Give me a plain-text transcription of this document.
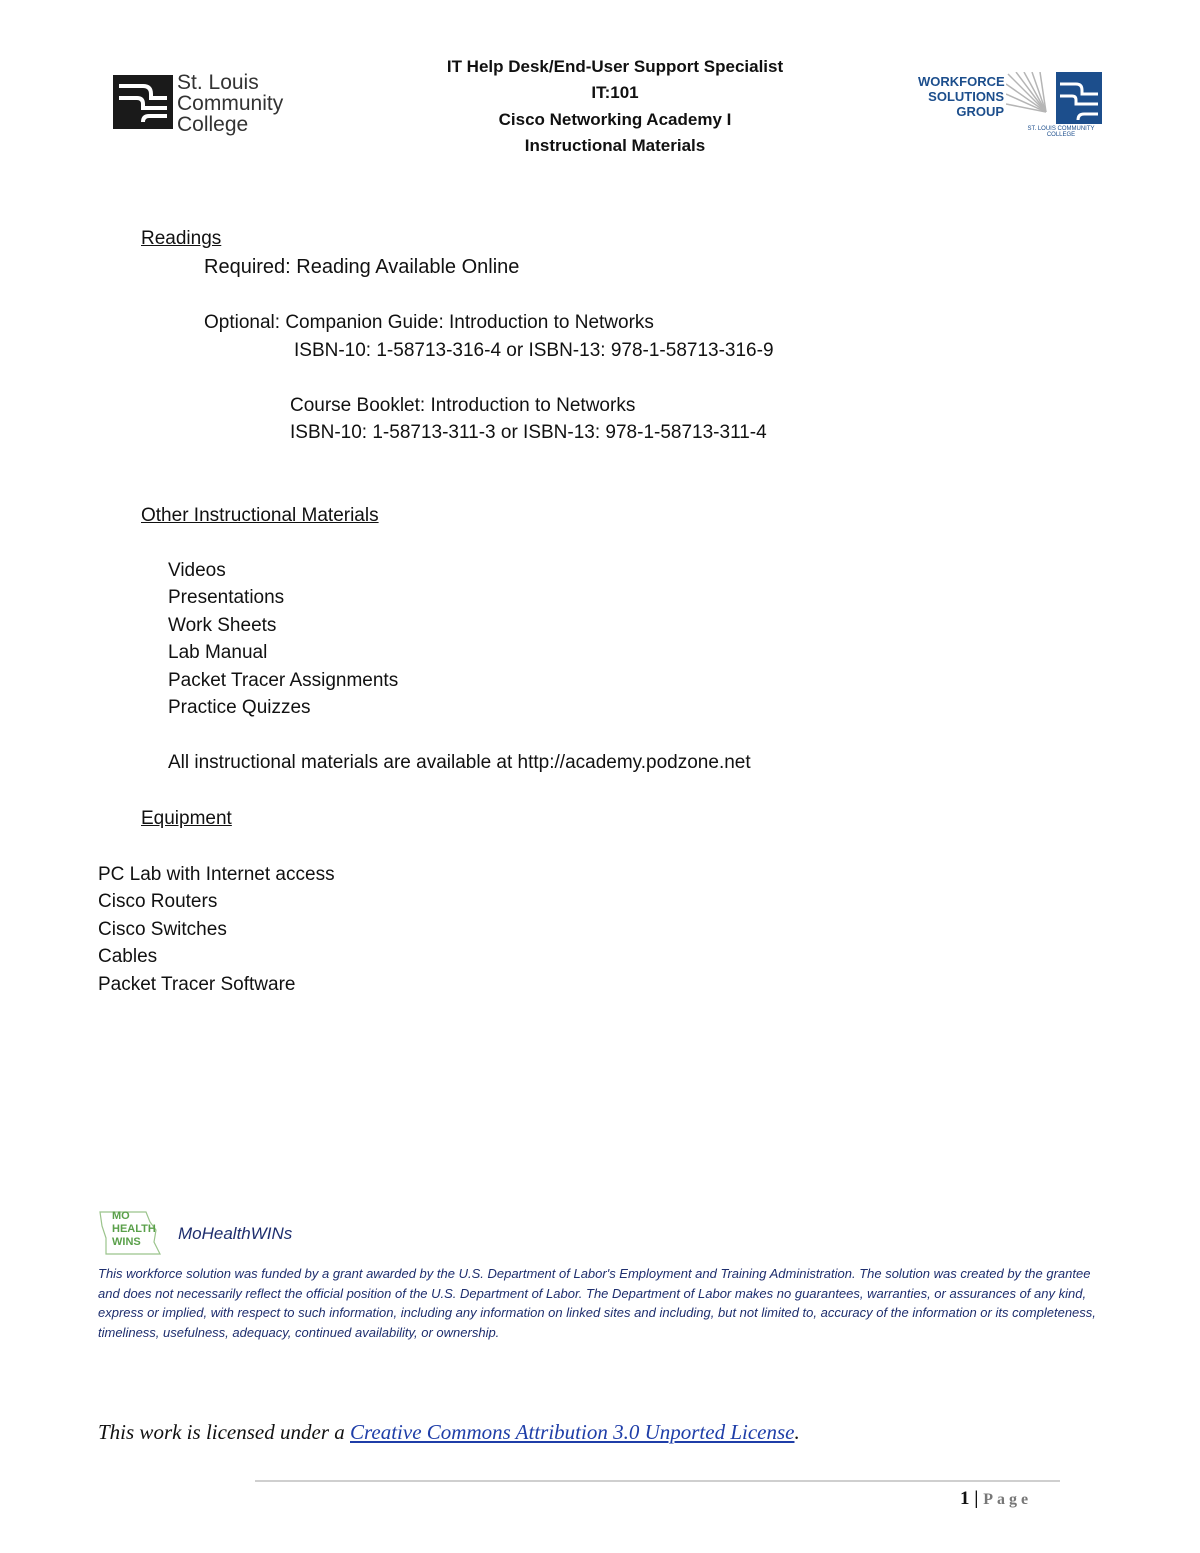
St. Louis
Community
College
IT Help Desk/End-User Support Specialist
IT:101
Cisco Networking Academy I
Instructional Materials
WORKFORCE
SOLUTIONS
GROUP
ST. LOUIS COMMUNITY COLLEGE
Readings
Required: Reading Available Online
Optional: Companion Guide: Introduction to Networks
ISBN-10: 1-58713-316-4 or ISBN-13: 978-1-58713-316-9
Course Booklet: Introduction to Networks
ISBN-10: 1-58713-311-3 or ISBN-13: 978-1-58713-311-4
Other Instructional Materials
Videos
Presentations
Work Sheets
Lab Manual
Packet Tracer Assignments
Practice Quizzes
All instructional materials are available at http://academy.podzone.net
Equipment
PC Lab with Internet access
Cisco Routers
Cisco Switches
Cables
Packet Tracer Software
MO
HEALTH
WINS	MoHealthWINs
This workforce solution was funded by a grant awarded by the U.S. Department of Labor's Employment and Training Administration. The solution was created by the grantee and does not necessarily reflect the official position of the U.S. Department of Labor. The Department of Labor makes no guarantees, warranties, or assurances of any kind, express or implied, with respect to such information, including any information on linked sites and including, but not limited to, accuracy of the information or its completeness, timeliness, usefulness, adequacy, continued availability, or ownership.
This work is licensed under a Creative Commons Attribution 3.0 Unported License.
1 | Page
